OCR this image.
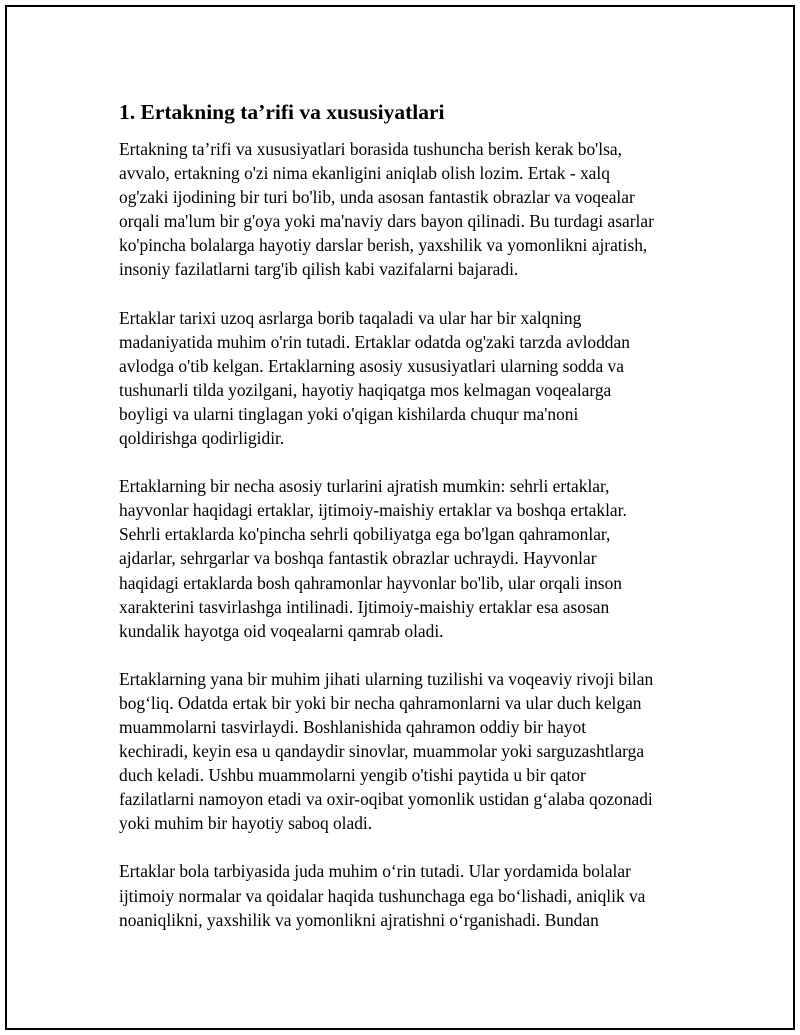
1. Ertakning ta’rifi va xususiyatlari

Ertakning ta’rifi va xususiyatlari borasida tushuncha berish kerak bo'lsa,
avvalo, ertakning o'zi nima ekanligini aniqlab olish lozim. Ertak - xalq
og'zaki ijodining bir turi bo'lib, unda asosan fantastik obrazlar va voqealar
orqali ma'lum bir g'oya yoki ma'naviy dars bayon qilinadi. Bu turdagi asarlar
ko'pincha bolalarga hayotiy darslar berish, yaxshilik va yomonlikni ajratish,
insoniy fazilatlarni targ'ib qilish kabi vazifalarni bajaradi.

Ertaklar tarixi uzoq asrlarga borib taqaladi va ular har bir xalqning
madaniyatida muhim o'rin tutadi. Ertaklar odatda og'zaki tarzda avloddan
avlodga o'tib kelgan. Ertaklarning asosiy xususiyatlari ularning sodda va
tushunarli tilda yozilgani, hayotiy haqiqatga mos kelmagan voqealarga
boyligi va ularni tinglagan yoki o'qigan kishilarda chuqur ma'noni
qoldirishga qodirligidir.

Ertaklarning bir necha asosiy turlarini ajratish mumkin: sehrli ertaklar,
hayvonlar haqidagi ertaklar, ijtimoiy-maishiy ertaklar va boshqa ertaklar.
Sehrli ertaklarda ko'pincha sehrli qobiliyatga ega bo'lgan qahramonlar,
ajdarlar, sehrgarlar va boshqa fantastik obrazlar uchraydi. Hayvonlar
haqidagi ertaklarda bosh qahramonlar hayvonlar bo'lib, ular orqali inson
xarakterini tasvirlashga intilinadi. Ijtimoiy-maishiy ertaklar esa asosan
kundalik hayotga oid voqealarni qamrab oladi.

Ertaklarning yana bir muhim jihati ularning tuzilishi va voqeaviy rivoji bilan
bog‘liq. Odatda ertak bir yoki bir necha qahramonlarni va ular duch kelgan
muammolarni tasvirlaydi. Boshlanishida qahramon oddiy bir hayot
kechiradi, keyin esa u qandaydir sinovlar, muammolar yoki sarguzashtlarga
duch keladi. Ushbu muammolarni yengib o'tishi paytida u bir qator
fazilatlarni namoyon etadi va oxir-oqibat yomonlik ustidan g‘alaba qozonadi
yoki muhim bir hayotiy saboq oladi.

Ertaklar bola tarbiyasida juda muhim o‘rin tutadi. Ular yordamida bolalar
ijtimoiy normalar va qoidalar haqida tushunchaga ega bo‘lishadi, aniqlik va
noaniqlikni, yaxshilik va yomonlikni ajratishni o‘rganishadi. Bundan
